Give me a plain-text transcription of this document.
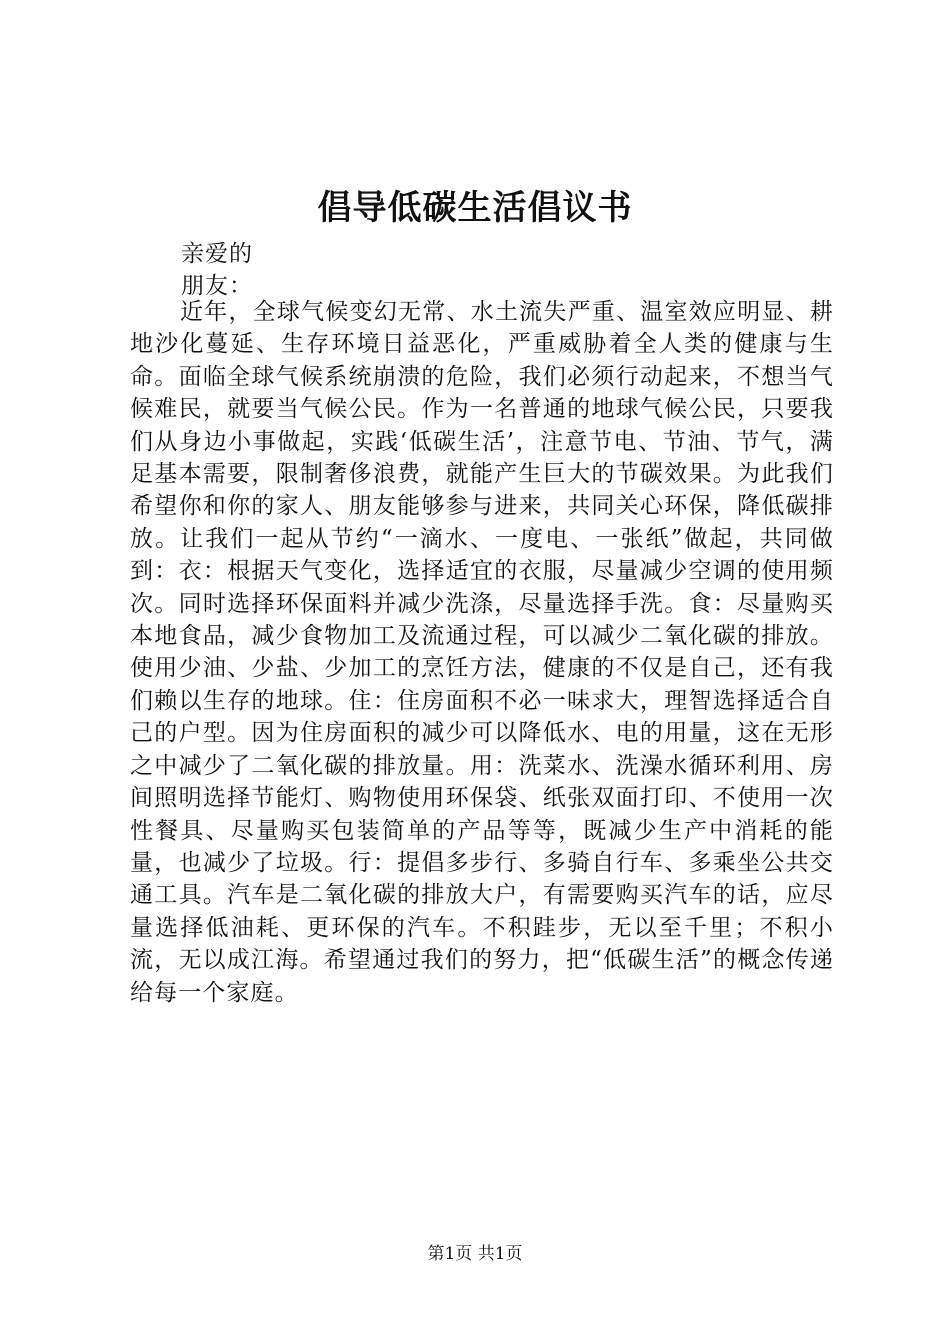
倡导低碳生活倡议书
亲爱的
朋友：

近年，全球气候变幻无常、水土流失严重、温室效应明显、耕地沙化蔓延、生存环境日益恶化，严重威胁着全人类的健康与生命。面临全球气候系统崩溃的危险，我们必须行动起来，不想当气候难民，就要当气候公民。作为一名普通的地球气候公民，只要我们从身边小事做起，实践‘低碳生活’，注意节电、节油、节气，满足基本需要，限制奢侈浪费，就能产生巨大的节碳效果。为此我们希望你和你的家人、朋友能够参与进来，共同关心环保，降低碳排放。让我们一起从节约“一滴水、一度电、一张纸”做起，共同做到：衣：根据天气变化，选择适宜的衣服，尽量减少空调的使用频次。同时选择环保面料并减少洗涤，尽量选择手洗。食：尽量购买本地食品，减少食物加工及流通过程，可以减少二氧化碳的排放。使用少油、少盐、少加工的烹饪方法，健康的不仅是自己，还有我们赖以生存的地球。住：住房面积不必一味求大，理智选择适合自己的户型。因为住房面积的减少可以降低水、电的用量，这在无形之中减少了二氧化碳的排放量。用：洗菜水、洗澡水循环利用、房间照明选择节能灯、购物使用环保袋、纸张双面打印、不使用一次性餐具、尽量购买包装简单的产品等等，既减少生产中消耗的能量，也减少了垃圾。行：提倡多步行、多骑自行车、多乘坐公共交通工具。汽车是二氧化碳的排放大户，有需要购买汽车的话，应尽量选择低油耗、更环保的汽车。不积跬步，无以至千里；不积小流，无以成江海。希望通过我们的努力，把“低碳生活”的概念传递给每一个家庭。

第1页 共1页
